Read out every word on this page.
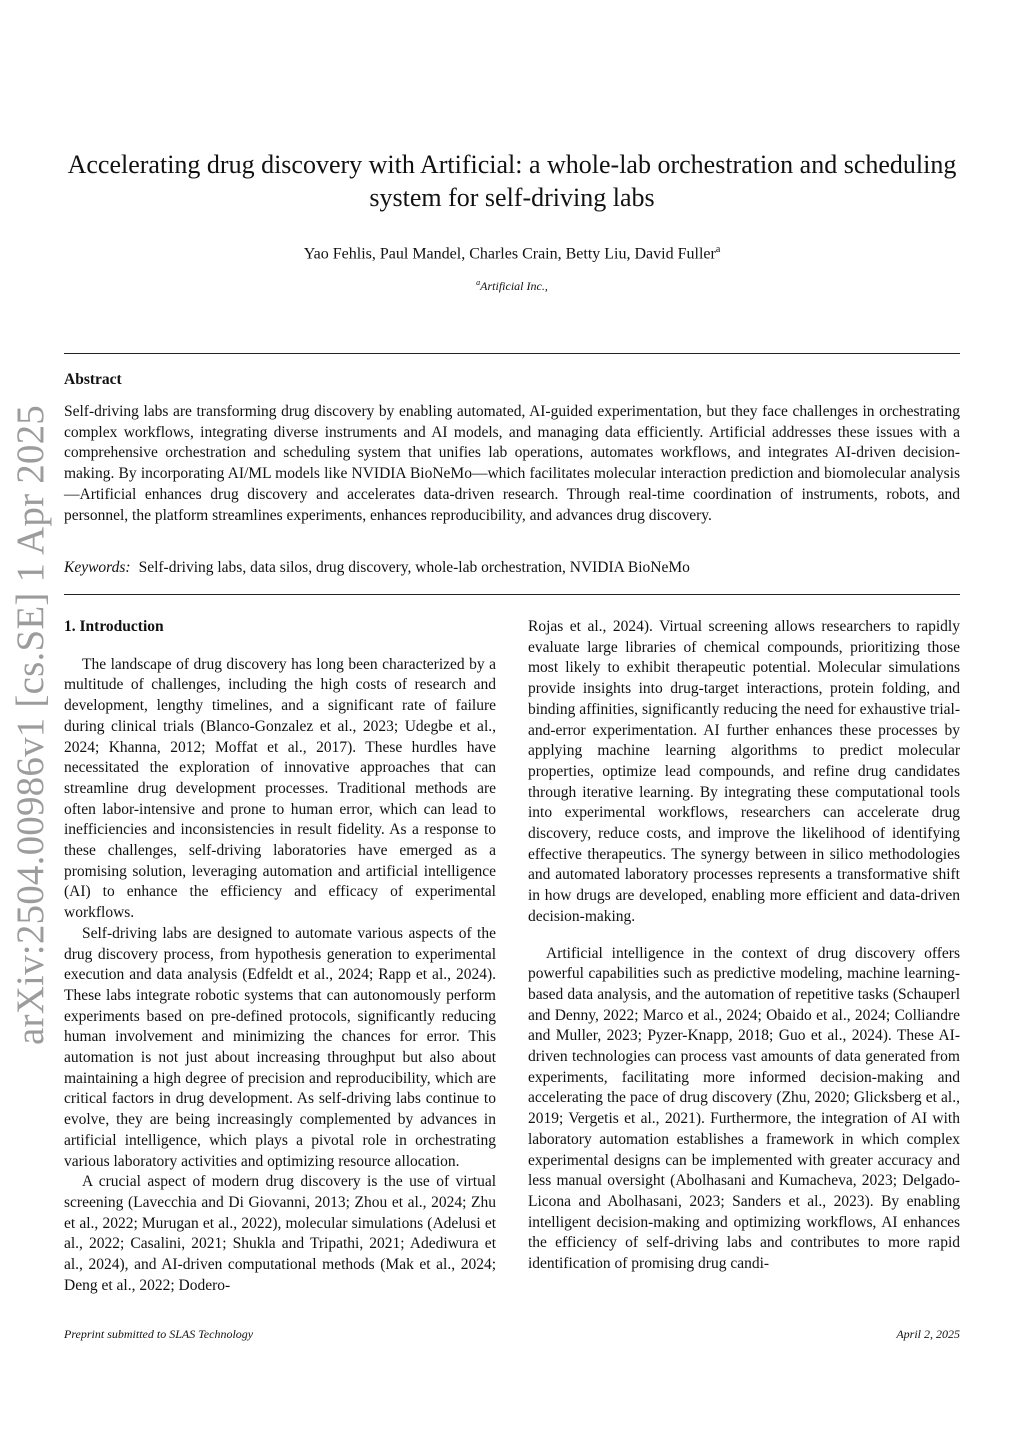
arXiv:2504.00986v1 [cs.SE] 1 Apr 2025
Accelerating drug discovery with Artificial: a whole-lab orchestration and scheduling system for self-driving labs
Yao Fehlis, Paul Mandel, Charles Crain, Betty Liu, David Fuller$^a$
$^a$Artificial Inc.,
Abstract
Self-driving labs are transforming drug discovery by enabling automated, AI-guided experimentation, but they face challenges in orchestrating complex workflows, integrating diverse instruments and AI models, and managing data efficiently. Artificial addresses these issues with a comprehensive orchestration and scheduling system that unifies lab operations, automates workflows, and integrates AI-driven decision-making. By incorporating AI/ML models like NVIDIA BioNeMo—which facilitates molecular interaction prediction and biomolecular analysis—Artificial enhances drug discovery and accelerates data-driven research. Through real-time coordination of instruments, robots, and personnel, the platform streamlines experiments, enhances reproducibility, and advances drug discovery.
Keywords: Self-driving labs, data silos, drug discovery, whole-lab orchestration, NVIDIA BioNeMo
1. Introduction

The landscape of drug discovery has long been characterized by a multitude of challenges, including the high costs of research and development, lengthy timelines, and a significant rate of failure during clinical trials (Blanco-Gonzalez et al., 2023; Udegbe et al., 2024; Khanna, 2012; Moffat et al., 2017). These hurdles have necessitated the exploration of innovative approaches that can streamline drug development processes. Traditional methods are often labor-intensive and prone to human error, which can lead to inefficiencies and inconsistencies in result fidelity. As a response to these challenges, self-driving laboratories have emerged as a promising solution, leveraging automation and artificial intelligence (AI) to enhance the efficiency and efficacy of experimental workflows.

Self-driving labs are designed to automate various aspects of the drug discovery process, from hypothesis generation to experimental execution and data analysis (Edfeldt et al., 2024; Rapp et al., 2024). These labs integrate robotic systems that can autonomously perform experiments based on pre-defined protocols, significantly reducing human involvement and minimizing the chances for error. This automation is not just about increasing throughput but also about maintaining a high degree of precision and reproducibility, which are critical factors in drug development. As self-driving labs continue to evolve, they are being increasingly complemented by advances in artificial intelligence, which plays a pivotal role in orchestrating various laboratory activities and optimizing resource allocation.

A crucial aspect of modern drug discovery is the use of virtual screening (Lavecchia and Di Giovanni, 2013; Zhou et al., 2024; Zhu et al., 2022; Murugan et al., 2022), molecular simulations (Adelusi et al., 2022; Casalini, 2021; Shukla and Tripathi, 2021; Adediwura et al., 2024), and AI-driven computational methods (Mak et al., 2024; Deng et al., 2022; Dodero-

Rojas et al., 2024). Virtual screening allows researchers to rapidly evaluate large libraries of chemical compounds, prioritizing those most likely to exhibit therapeutic potential. Molecular simulations provide insights into drug-target interactions, protein folding, and binding affinities, significantly reducing the need for exhaustive trial-and-error experimentation. AI further enhances these processes by applying machine learning algorithms to predict molecular properties, optimize lead compounds, and refine drug candidates through iterative learning. By integrating these computational tools into experimental workflows, researchers can accelerate drug discovery, reduce costs, and improve the likelihood of identifying effective therapeutics. The synergy between in silico methodologies and automated laboratory processes represents a transformative shift in how drugs are developed, enabling more efficient and data-driven decision-making.

Artificial intelligence in the context of drug discovery offers powerful capabilities such as predictive modeling, machine learning-based data analysis, and the automation of repetitive tasks (Schauperl and Denny, 2022; Marco et al., 2024; Obaido et al., 2024; Colliandre and Muller, 2023; Pyzer-Knapp, 2018; Guo et al., 2024). These AI-driven technologies can process vast amounts of data generated from experiments, facilitating more informed decision-making and accelerating the pace of drug discovery (Zhu, 2020; Glicksberg et al., 2019; Vergetis et al., 2021). Furthermore, the integration of AI with laboratory automation establishes a framework in which complex experimental designs can be implemented with greater accuracy and less manual oversight (Abolhasani and Kumacheva, 2023; Delgado-Licona and Abolhasani, 2023; Sanders et al., 2023). By enabling intelligent decision-making and optimizing workflows, AI enhances the efficiency of self-driving labs and contributes to more rapid identification of promising drug candi-

Preprint submitted to SLAS Technology	April 2, 2025
